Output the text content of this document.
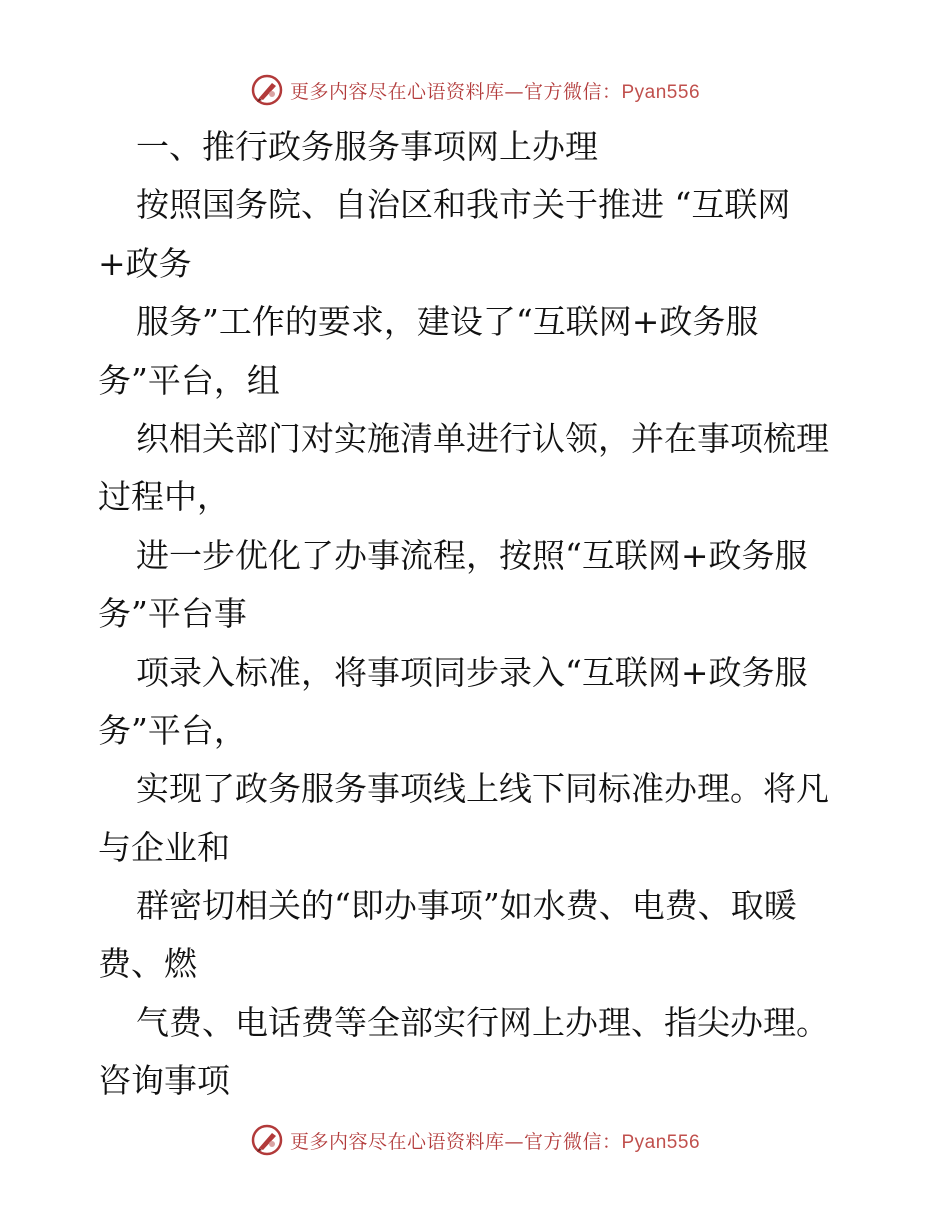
更多内容尽在心语资料库—官方微信：Pyan556
一、推行政务服务事项网上办理
按照国务院、自治区和我市关于推进 “互联网
+政务
服务”工作的要求，建设了“互联网+政务服
务”平台，组
织相关部门对实施清单进行认领，并在事项梳理
过程中，
进一步优化了办事流程，按照“互联网+政务服
务”平台事
项录入标准，将事项同步录入“互联网+政务服
务”平台，
实现了政务服务事项线上线下同标准办理。将凡
与企业和
群密切相关的“即办事项”如水费、电费、取暖
费、燃
气费、电话费等全部实行网上办理、指尖办理。
咨询事项
更多内容尽在心语资料库—官方微信：Pyan556
